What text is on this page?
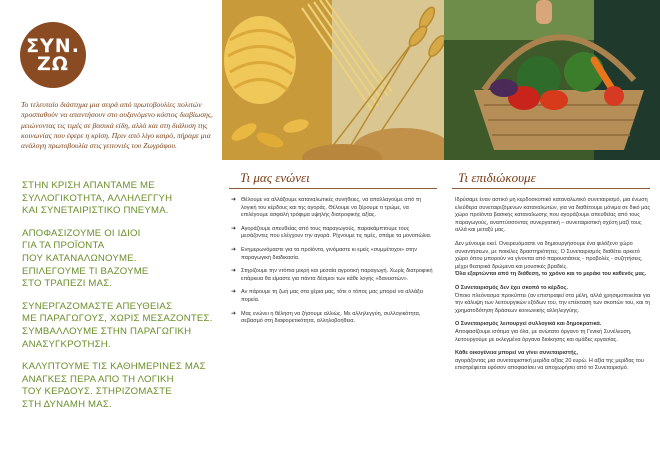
ΣΥΝ.
ΖΩ
Το τελευταίο διάστημα μια σειρά από πρωτοβουλίες πολιτών προσπαθούν να απαντήσουν στο αυξανόμενο κόστος διαβίωσης, μειώνοντας τις τιμές σε βασικά είδη, αλλά και στη διάλυση της κοινωνίας που έφερε η κρίση. Πριν από λίγο καιρό, πήραμε μια ανάλογη πρωτοβουλία στις γειτονιές του Ζωγράφου.
ΣΤΗΝ ΚΡΙΣΗ ΑΠΑΝΤΑΜΕ ΜΕ
ΣΥΛΛΟΓΙΚΟΤΗΤΑ, ΑΛΛΗΛΕΓΓΥΗ
ΚΑΙ ΣΥΝΕΤΑΙΡΙΣΤΙΚΟ ΠΝΕΥΜΑ.
ΑΠΟΦΑΣΙΖΟΥΜΕ ΟΙ ΙΔΙΟΙ
ΓΙΑ ΤΑ ΠΡΟΪΟΝΤΑ
ΠΟΥ ΚΑΤΑΝΑΛΩΝΟΥΜΕ.
ΕΠΙΛΕΓΟΥΜΕ ΤΙ ΒΑΖΟΥΜΕ
ΣΤΟ ΤΡΑΠΕΖΙ ΜΑΣ.
ΣΥΝΕΡΓΑΖΟΜΑΣΤΕ ΑΠΕΥΘΕΙΑΣ
ΜΕ ΠΑΡΑΓΩΓΟΥΣ, ΧΩΡΙΣ ΜΕΣΑΖΟΝΤΕΣ.
ΣΥΜΒΑΛΛΟΥΜΕ ΣΤΗΝ ΠΑΡΑΓΩΓΙΚΗ
ΑΝΑΣΥΓΚΡΟΤΗΣΗ.
ΚΑΛΥΠΤΟΥΜΕ ΤΙΣ ΚΑΘΗΜΕΡΙΝΕΣ ΜΑΣ
ΑΝΑΓΚΕΣ ΠΕΡΑ ΑΠΟ ΤΗ ΛΟΓΙΚΗ
ΤΟΥ ΚΕΡΔΟΥΣ. ΣΤΗΡΙΖΟΜΑΣΤΕ
ΣΤΗ ΔΥΝΑΜΗ ΜΑΣ.
Τι μας ενώνει
➜ Θέλουμε να αλλάξουμε καταναλωτικές συνήθειες, να απαλλαγούμε από τη λογική του κέρδους και της αγοράς. Θέλουμε να ξέρουμε τι τρώμε, να επιλέγουμε ασφαλή τρόφιμα υψηλής διατροφικής αξίας.
➜ Αγοράζουμε απευθείας από τους παραγωγούς, παρακάμπτουμε τους μεσάζοντες που ελέγχουν την αγορά. Ρίχνουμε τις τιμές, σπάμε τα μονοπώλια.
➜ Ενημερωνόμαστε για τα προϊόντα, γινόμαστε κι εμείς «συμμέτοχοι» στην παραγωγική διαδικασία.
➜ Στηρίζουμε την ντόπια μικρή και μεσαία αγροτική παραγωγή. Χωρίς διατροφική επάρκεια θα είμαστε για πάντα δέσμιοι των κάθε λογής «δανειστών».
➜ Αν πάρουμε τη ζωή μας στα χέρια μας, τότε ο τόπος μας μπορεί να αλλάξει πορεία.
➜ Μας ενώνει η θέληση να ζήσουμε αλλιώς. Με αλληλεγγύη, συλλογικότητα, σεβασμό στη διαφορετικότητα, αλληλοβοήθεια.
Τι επιδιώκουμε

Ιδρύσαμε έναν αστικό μη κερδοσκοπικό καταναλωτικό συνεταιρισμό, μια ένωση ελεύθερα συνεταιριζόμενων καταναλωτών, για να διαθέτουμε μόνιμα σε δικό μας χώρο προϊόντα βασικής καταναλωσης που αγοράζουμε απευθείας από τους παραγωγούς, αναπτύσσοντας συνεργατική – συνεταιριστική σχέση μαζί τους αλλά και μεταξύ μας.

Δεν μένουμε εκεί. Ονειρευόμαστε να δημιουργήσουμε ένα φιλόξενο χώρο συναντήσεων, με ποικίλες δραστηριότητες. Ο Συνεταιρισμός διαθέτει αρκετό χώρο όπου μπορούν να γίνονται από παρουσιάσεις - προβολές - συζητήσεις, μέχρι θεατρικά δρώμενα και μουσικές βραδιές.
Όλα εξαρτώνται από τη διάθεση, το χρόνο και το μεράκι του καθενός μας.

Ο Συνεταιρισμός δεν έχει σκοπό το κέρδος.
Όποιο πλεόνασμα προκύπτει (αν επιστραφεί στα μέλη, αλλά χρησιμοποιείται για την κάλυψη των λειτουργικών εξόδων του, την επέκταση των σκοπών του, και τη χρηματοδότηση δράσεων κοινωνικής αλληλεγγύης.

Ο Συνεταιρισμός λειτουργεί συλλογικά και δημοκρατικά.
Αποφασίζουμε ισότιμα για όλα, με ανώτατο όργανο τη Γενική Συνέλευση, λειτουργούμε με εκλεγμένα όργανα διοίκησης και ομάδες εργασίας.

Κάθε οικογένεια μπορεί να γίνει συνεταιριστής,
αγοράζοντας μια συνεταιριστική μερίδα αξίας 20 ευρώ. Η αξία της μερίδας του επιστρέφεται εφόσον αποφασίσει να αποχωρήσει από το Συνεταιρισμό.
